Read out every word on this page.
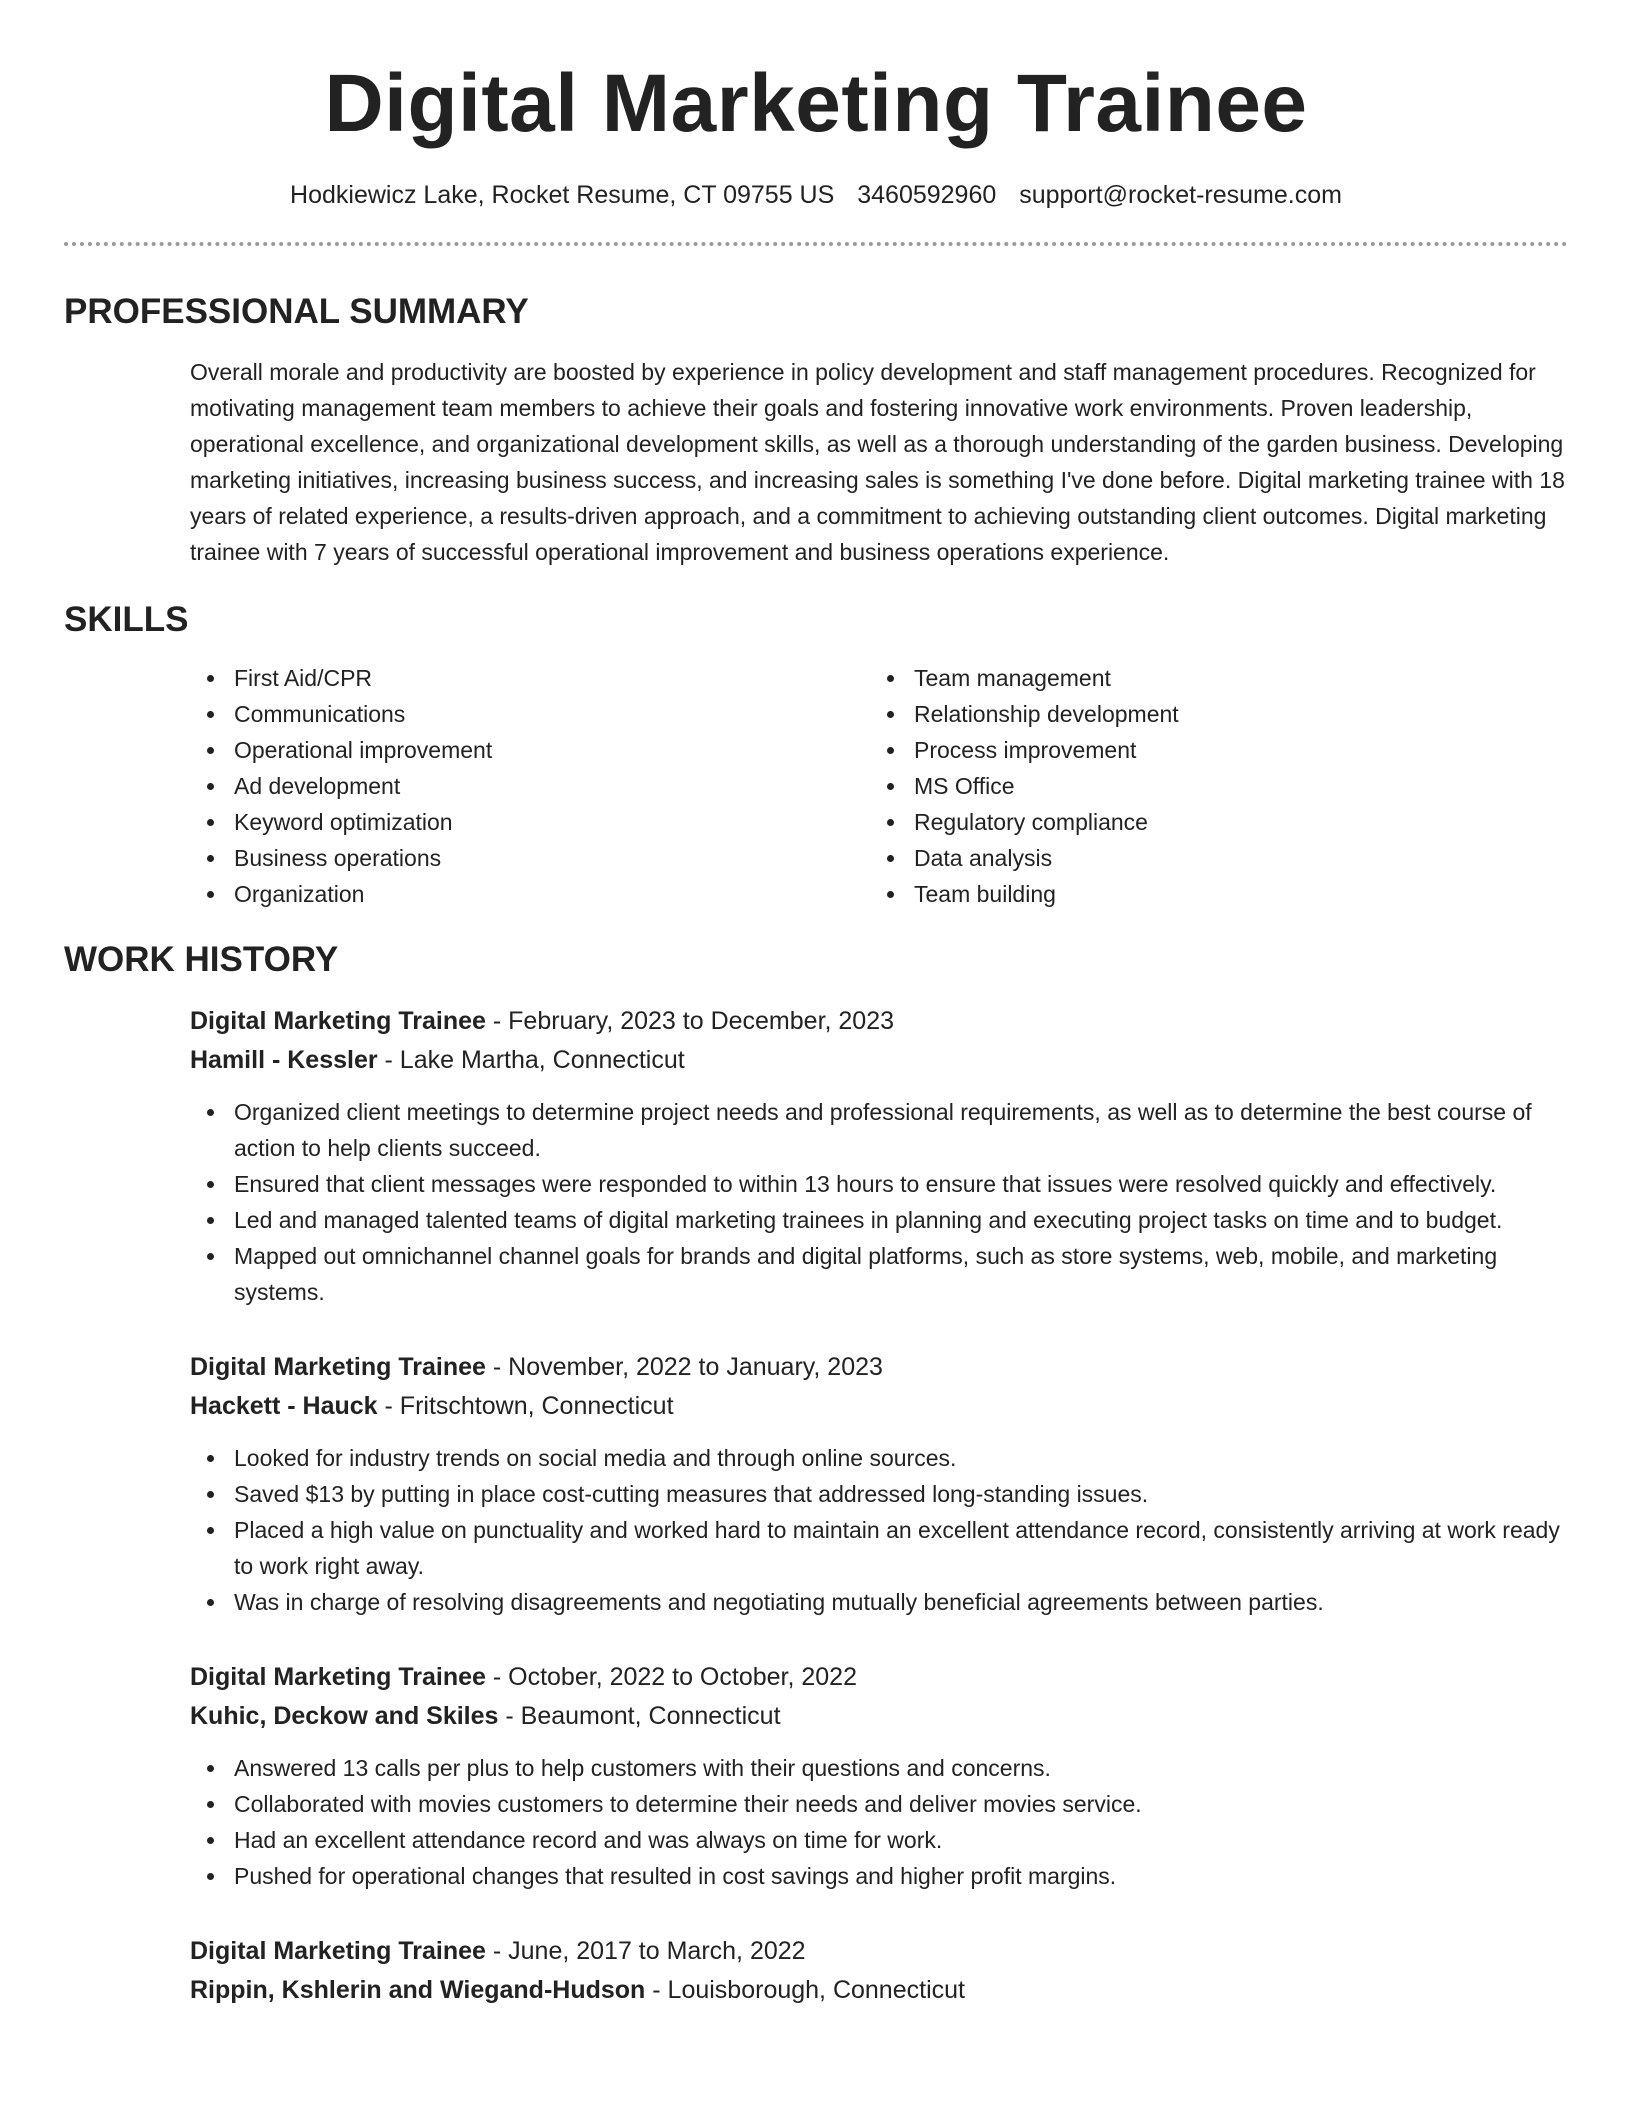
Digital Marketing Trainee
Hodkiewicz Lake, Rocket Resume, CT 09755 US 3460592960 support@rocket-resume.com
PROFESSIONAL SUMMARY

Overall morale and productivity are boosted by experience in policy development and staff management procedures. Recognized for motivating management team members to achieve their goals and fostering innovative work environments. Proven leadership, operational excellence, and organizational development skills, as well as a thorough understanding of the garden business. Developing marketing initiatives, increasing business success, and increasing sales is something I've done before. Digital marketing trainee with 18 years of related experience, a results-driven approach, and a commitment to achieving outstanding client outcomes. Digital marketing trainee with 7 years of successful operational improvement and business operations experience.

SKILLS
First Aid/CPR
Communications
Operational improvement
Ad development
Keyword optimization
Business operations
Organization
Team management
Relationship development
Process improvement
MS Office
Regulatory compliance
Data analysis
Team building
WORK HISTORY
Digital Marketing Trainee - February, 2023 to December, 2023
Hamill - Kessler - Lake Martha, Connecticut
Organized client meetings to determine project needs and professional requirements, as well as to determine the best course of action to help clients succeed.
Ensured that client messages were responded to within 13 hours to ensure that issues were resolved quickly and effectively.
Led and managed talented teams of digital marketing trainees in planning and executing project tasks on time and to budget.
Mapped out omnichannel channel goals for brands and digital platforms, such as store systems, web, mobile, and marketing systems.
Digital Marketing Trainee - November, 2022 to January, 2023
Hackett - Hauck - Fritschtown, Connecticut
Looked for industry trends on social media and through online sources.
Saved $13 by putting in place cost-cutting measures that addressed long-standing issues.
Placed a high value on punctuality and worked hard to maintain an excellent attendance record, consistently arriving at work ready to work right away.
Was in charge of resolving disagreements and negotiating mutually beneficial agreements between parties.
Digital Marketing Trainee - October, 2022 to October, 2022
Kuhic, Deckow and Skiles - Beaumont, Connecticut
Answered 13 calls per plus to help customers with their questions and concerns.
Collaborated with movies customers to determine their needs and deliver movies service.
Had an excellent attendance record and was always on time for work.
Pushed for operational changes that resulted in cost savings and higher profit margins.
Digital Marketing Trainee - June, 2017 to March, 2022
Rippin, Kshlerin and Wiegand-Hudson - Louisborough, Connecticut
